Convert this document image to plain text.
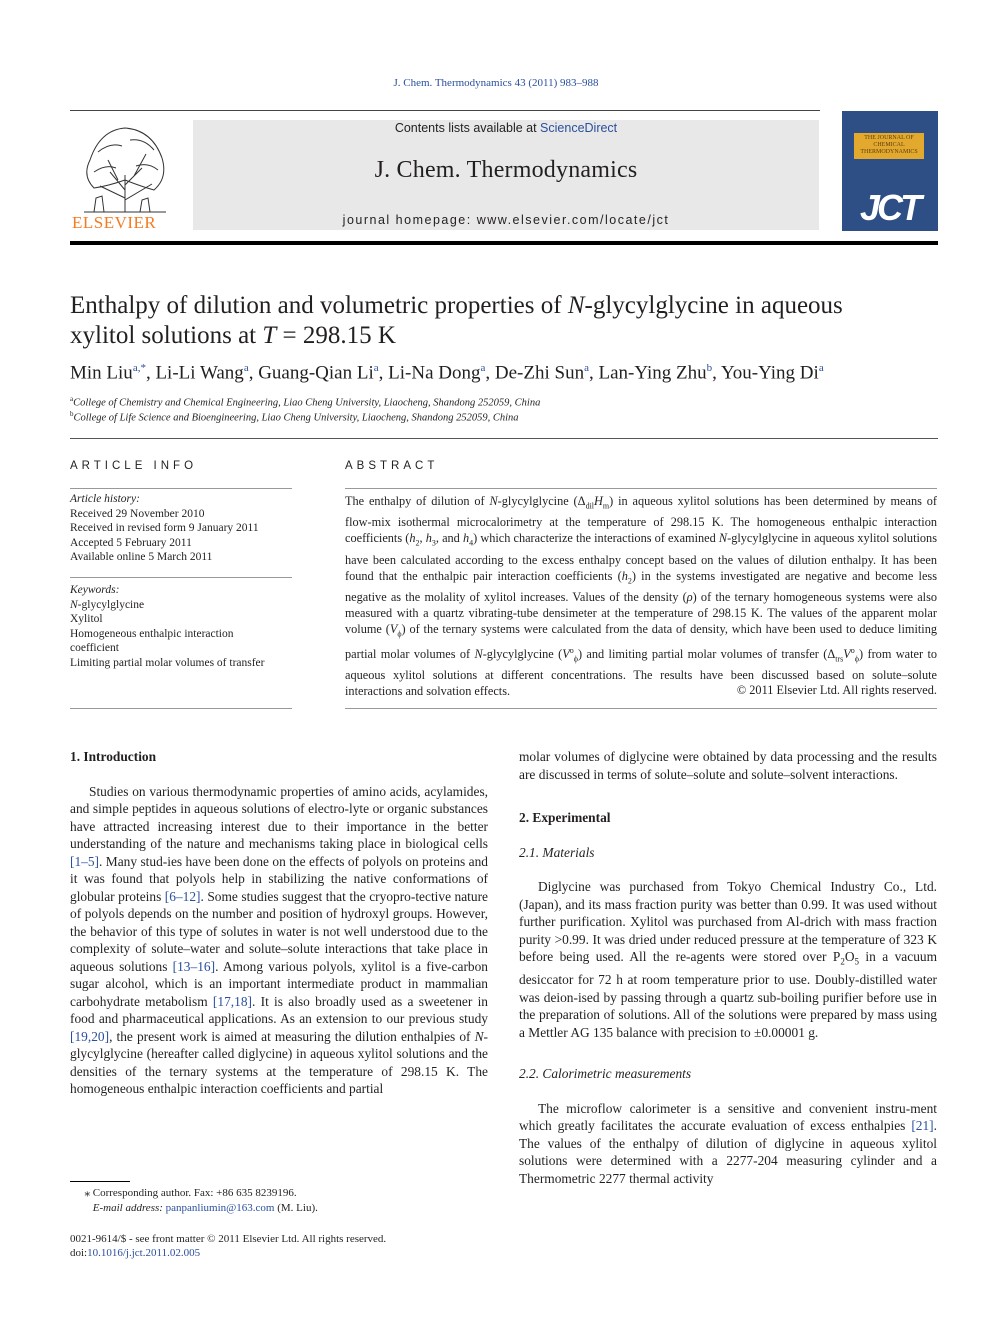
J. Chem. Thermodynamics 43 (2011) 983–988
ELSEVIER
Contents lists available at ScienceDirect
J. Chem. Thermodynamics
journal homepage: www.elsevier.com/locate/jct
THE JOURNAL OF CHEMICAL THERMODYNAMICS
JCT
Enthalpy of dilution and volumetric properties of N-glycylglycine in aqueous
xylitol solutions at T = 298.15 K
Min Liu$^{a,*}$, Li-Li Wang$^a$, Guang-Qian Li$^a$, Li-Na Dong$^a$, De-Zhi Sun$^a$, Lan-Ying Zhu$^b$, You-Ying Di$^a$
$^a$College of Chemistry and Chemical Engineering, Liao Cheng University, Liaocheng, Shandong 252059, China
$^b$College of Life Science and Bioengineering, Liao Cheng University, Liaocheng, Shandong 252059, China
ARTICLE INFO
Article history:
Received 29 November 2010
Received in revised form 9 January 2011
Accepted 5 February 2011
Available online 5 March 2011
Keywords:
N-glycylglycine
Xylitol
Homogeneous enthalpic interaction
coefficient
Limiting partial molar volumes of transfer
ABSTRACT
The enthalpy of dilution of N-glycylglycine $(\Delta_{dil}H_m)$ in aqueous xylitol solutions has been determined by means of flow-mix isothermal microcalorimetry at the temperature of 298.15 K. The homogeneous enthalpic interaction coefficients ($h_2$, $h_3$, and $h_4$) which characterize the interactions of examined N-glycylglycine in aqueous xylitol solutions have been calculated according to the excess enthalpy concept based on the values of dilution enthalpy. It has been found that the enthalpic pair interaction coefficients $(h_2)$ in the systems investigated are negative and become less negative as the molality of xylitol increases. Values of the density (ρ) of the ternary homogeneous systems were also measured with a quartz vibrating-tube densimeter at the temperature of 298.15 K. The values of the apparent molar volume $(V_\phi)$ of the ternary systems were calculated from the data of density, which have been used to deduce limiting partial molar volumes of N-glycylglycine $(V^o_\phi)$ and limiting partial molar volumes of transfer $(\Delta_{trs}V^o_\phi)$ from water to aqueous xylitol solutions at different concentrations. The results have been discussed based on solute–solute interactions and solvation effects.	© 2011 Elsevier Ltd. All rights reserved.

1. Introduction

Studies on various thermodynamic properties of amino acids, acylamides, and simple peptides in aqueous solutions of electro-lyte or organic substances have attracted increasing interest due to their importance in the better understanding of the nature and mechanisms taking place in biological cells [1–5]. Many stud-ies have been done on the effects of polyols on proteins and it was found that polyols help in stabilizing the native conformations of globular proteins [6–12]. Some studies suggest that the cryopro-tective nature of polyols depends on the number and position of hydroxyl groups. However, the behavior of this type of solutes in water is not well understood due to the complexity of solute–water and solute–solute interactions that take place in aqueous solutions [13–16]. Among various polyols, xylitol is a five-carbon sugar alcohol, which is an important intermediate product in mammalian carbohydrate metabolism [17,18]. It is also broadly used as a sweetener in food and pharmaceutical applications. As an extension to our previous study [19,20], the present work is aimed at measuring the dilution enthalpies of N-glycylglycine (hereafter called diglycine) in aqueous xylitol solutions and the densities of the ternary systems at the temperature of 298.15 K. The homogeneous enthalpic interaction coefficients and partial

molar volumes of diglycine were obtained by data processing and the results are discussed in terms of solute–solute and solute–solvent interactions.

2. Experimental

2.1. Materials

Diglycine was purchased from Tokyo Chemical Industry Co., Ltd. (Japan), and its mass fraction purity was better than 0.99. It was used without further purification. Xylitol was purchased from Al-drich with mass fraction purity >0.99. It was dried under reduced pressure at the temperature of 323 K before being used. All the re-agents were stored over $P_2O_5$ in a vacuum desiccator for 72 h at room temperature prior to use. Doubly-distilled water was deion-ised by passing through a quartz sub-boiling purifier before use in the preparation of solutions. All of the solutions were prepared by mass using a Mettler AG 135 balance with precision to ±0.00001 g.

2.2. Calorimetric measurements

The microflow calorimeter is a sensitive and convenient instru-ment which greatly facilitates the accurate evaluation of excess enthalpies [21]. The values of the enthalpy of dilution of diglycine in aqueous xylitol solutions were determined with a 2277-204 measuring cylinder and a Thermometric 2277 thermal activity

⁎ Corresponding author. Fax: +86 635 8239196.
E-mail address: panpanliumin@163.com (M. Liu).
0021-9614/$ - see front matter © 2011 Elsevier Ltd. All rights reserved.
doi:10.1016/j.jct.2011.02.005
